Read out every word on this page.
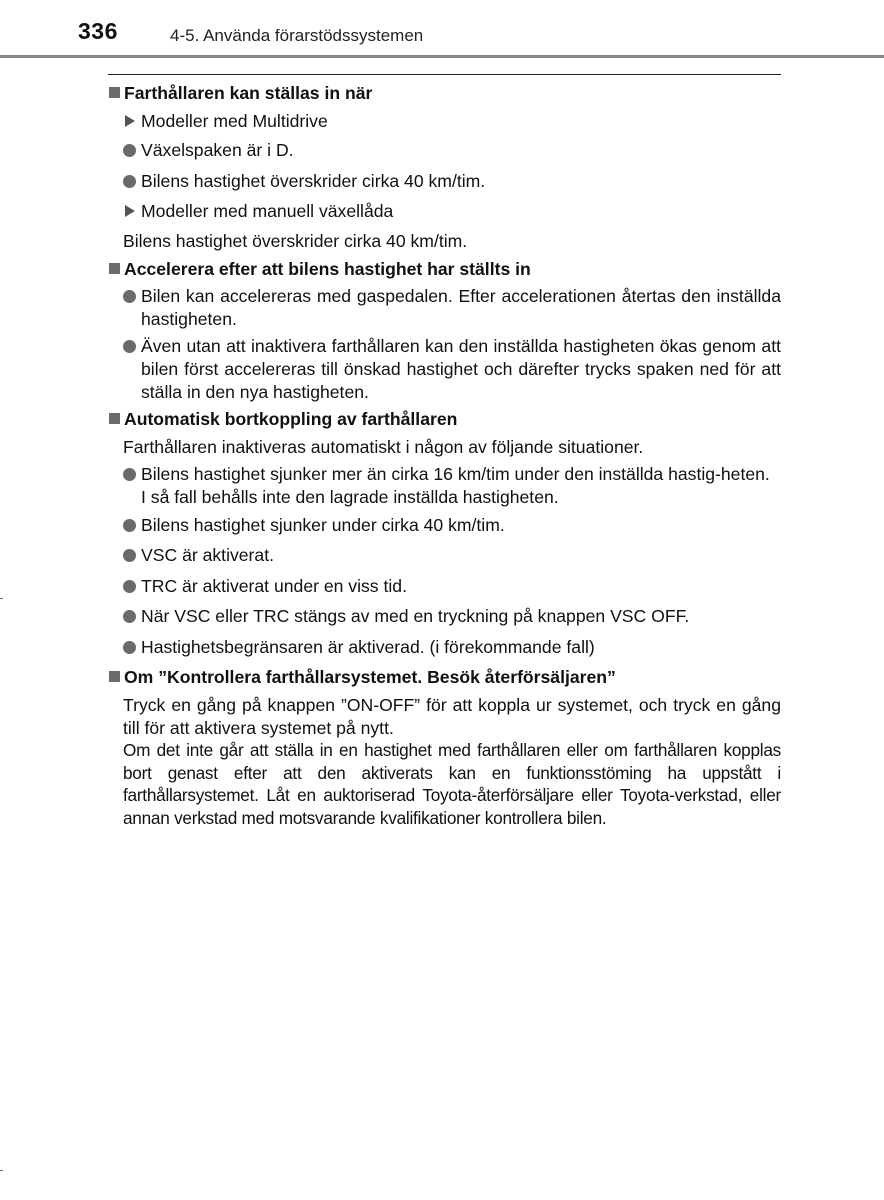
336	4-5. Använda förarstödssystemen
Farthållaren kan ställas in när
Modeller med Multidrive
Växelspaken är i D.
Bilens hastighet överskrider cirka 40 km/tim.
Modeller med manuell växellåda
Bilens hastighet överskrider cirka 40 km/tim.
Accelerera efter att bilens hastighet har ställts in
Bilen kan accelereras med gaspedalen. Efter accelerationen återtas den inställda hastigheten.
Även utan att inaktivera farthållaren kan den inställda hastigheten ökas genom att bilen först accelereras till önskad hastighet och därefter trycks spaken ned för att ställa in den nya hastigheten.
Automatisk bortkoppling av farthållaren
Farthållaren inaktiveras automatiskt i någon av följande situationer.
Bilens hastighet sjunker mer än cirka 16 km/tim under den inställda hastig-heten.
I så fall behålls inte den lagrade inställda hastigheten.
Bilens hastighet sjunker under cirka 40 km/tim.
VSC är aktiverat.
TRC är aktiverat under en viss tid.
När VSC eller TRC stängs av med en tryckning på knappen VSC OFF.
Hastighetsbegränsaren är aktiverad. (i förekommande fall)
Om ”Kontrollera farthållarsystemet. Besök återförsäljaren”
Tryck en gång på knappen ”ON-OFF” för att koppla ur systemet, och tryck en gång till för att aktivera systemet på nytt.
Om det inte går att ställa in en hastighet med farthållaren eller om farthållaren kopplas bort genast efter att den aktiverats kan en funktionsstöming ha uppstått i farthållarsystemet. Låt en auktoriserad Toyota-återförsäljare eller Toyota-verkstad, eller annan verkstad med motsvarande kvalifikationer kontrollera bilen.
